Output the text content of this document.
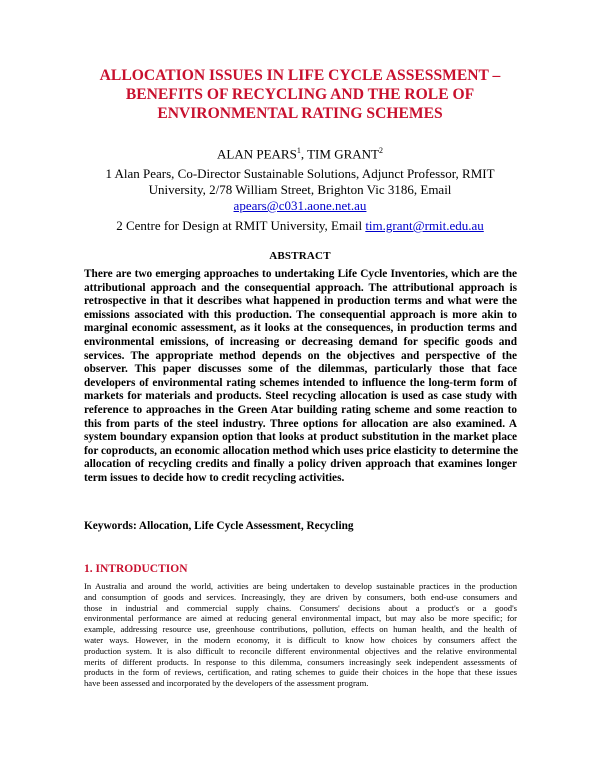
ALLOCATION ISSUES IN LIFE CYCLE ASSESSMENT –
BENEFITS OF RECYCLING AND THE ROLE OF
ENVIRONMENTAL RATING SCHEMES
ALAN PEARS$^1$, TIM GRANT$^2$
1 Alan Pears, Co-Director Sustainable Solutions, Adjunct Professor, RMIT
University, 2/78 William Street, Brighton Vic 3186, Email
apears@c031.aone.net.au
2 Centre for Design at RMIT University, Email tim.grant@rmit.edu.au
ABSTRACT
There are two emerging approaches to undertaking Life Cycle Inventories, which are the
attributional approach and the consequential approach. The attributional approach is
retrospective in that it describes what happened in production terms and what were the
emissions associated with this production. The consequential approach is more akin to
marginal economic assessment, as it looks at the consequences, in production terms and
environmental emissions, of increasing or decreasing demand for specific goods and
services. The appropriate method depends on the objectives and perspective of the
observer. This paper discusses some of the dilemmas, particularly those that face
developers of environmental rating schemes intended to influence the long-term form of
markets for materials and products. Steel recycling allocation is used as case study with
reference to approaches in the Green Atar building rating scheme and some reaction to
this from parts of the steel industry. Three options for allocation are also examined. A
system boundary expansion option that looks at product substitution in the market place
for coproducts, an economic allocation method which uses price elasticity to determine the
allocation of recycling credits and finally a policy driven approach that examines longer
term issues to decide how to credit recycling activities.
Keywords: Allocation, Life Cycle Assessment, Recycling
1. INTRODUCTION
In Australia and around the world, activities are being undertaken to develop sustainable practices in the production
and consumption of goods and services. Increasingly, they are driven by consumers, both end-use consumers and
those in industrial and commercial supply chains. Consumers' decisions about a product's or a good's
environmental performance are aimed at reducing general environmental impact, but may also be more specific; for
example, addressing resource use, greenhouse contributions, pollution, effects on human health, and the health of
water ways. However, in the modern economy, it is difficult to know how choices by consumers affect the
production system. It is also difficult to reconcile different environmental objectives and the relative environmental
merits of different products. In response to this dilemma, consumers increasingly seek independent assessments of
products in the form of reviews, certification, and rating schemes to guide their choices in the hope that these issues
have been assessed and incorporated by the developers of the assessment program.
